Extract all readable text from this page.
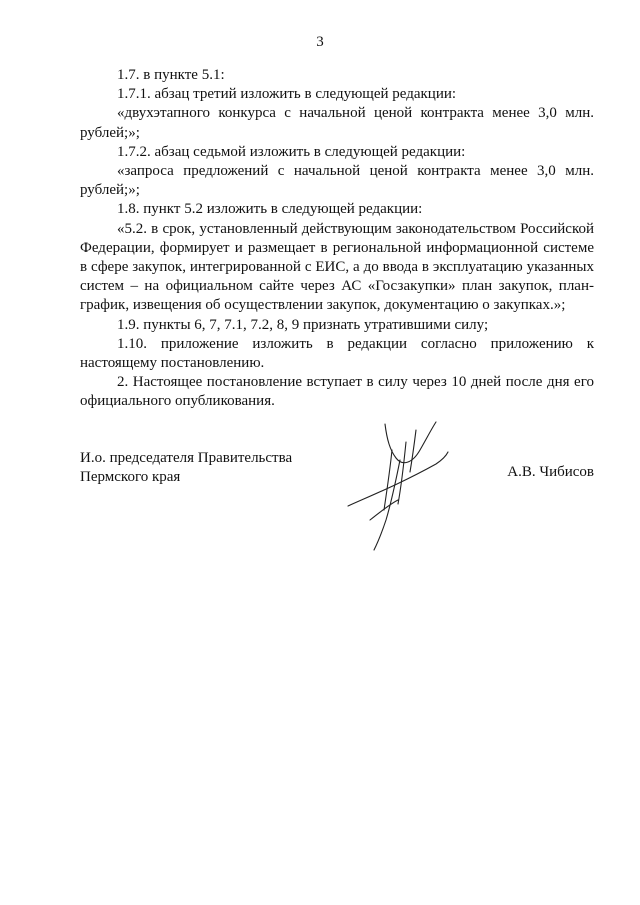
3

1.7. в пункте 5.1:

1.7.1. абзац третий изложить в следующей редакции:

«двухэтапного конкурса с начальной ценой контракта менее 3,0 млн. рублей;»;

1.7.2. абзац седьмой изложить в следующей редакции:

«запроса предложений с начальной ценой контракта менее 3,0 млн. рублей;»;

1.8. пункт 5.2 изложить в следующей редакции:

«5.2. в срок, установленный действующим законодательством Российской Федерации, формирует и размещает в региональной информационной системе в сфере закупок, интегрированной с ЕИС, а до ввода в эксплуатацию указанных систем – на официальном сайте через АС «Госзакупки» план закупок, план-график, извещения об осуществлении закупок, документацию о закупках.»;

1.9. пункты 6, 7, 7.1, 7.2, 8, 9 признать утратившими силу;

1.10. приложение изложить в редакции согласно приложению к настоящему постановлению.

2. Настоящее постановление вступает в силу через 10 дней после дня его официального опубликования.

И.о. председателя Правительства Пермского края	А.В. Чибисов
